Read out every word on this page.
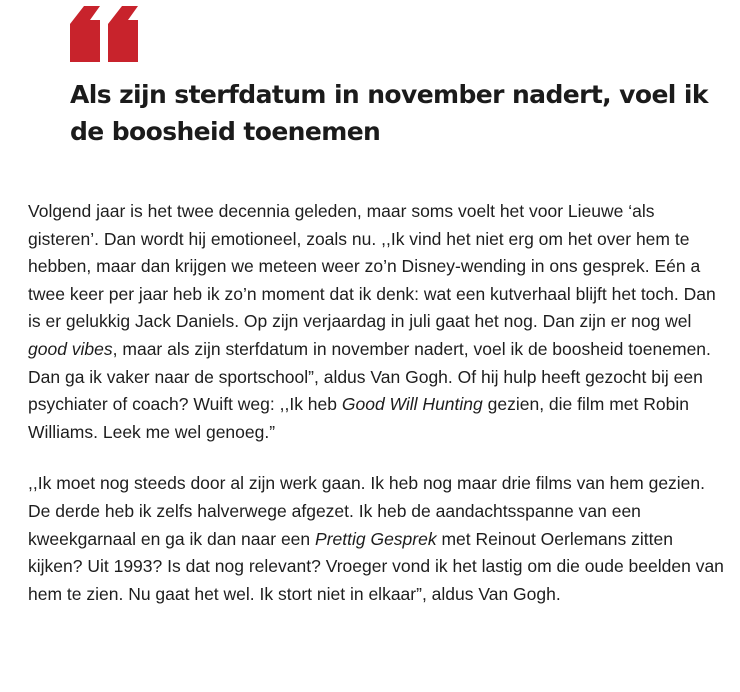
Als zijn sterfdatum in november nadert, voel ik de boosheid toenemen

Volgend jaar is het twee decennia geleden, maar soms voelt het voor Lieuwe ‘als gisteren’. Dan wordt hij emotioneel, zoals nu. ,,Ik vind het niet erg om het over hem te hebben, maar dan krijgen we meteen weer zo’n Disney-wending in ons gesprek. Eén a twee keer per jaar heb ik zo’n moment dat ik denk: wat een kutverhaal blijft het toch. Dan is er gelukkig Jack Daniels. Op zijn verjaardag in juli gaat het nog. Dan zijn er nog wel good vibes, maar als zijn sterfdatum in november nadert, voel ik de boosheid toenemen. Dan ga ik vaker naar de sportschool”, aldus Van Gogh. Of hij hulp heeft gezocht bij een psychiater of coach? Wuift weg: ,,Ik heb Good Will Hunting gezien, die film met Robin Williams. Leek me wel genoeg.”

,,Ik moet nog steeds door al zijn werk gaan. Ik heb nog maar drie films van hem gezien. De derde heb ik zelfs halverwege afgezet. Ik heb de aandachtsspanne van een kweekgarnaal en ga ik dan naar een Prettig Gesprek met Reinout Oerlemans zitten kijken? Uit 1993? Is dat nog relevant? Vroeger vond ik het lastig om die oude beelden van hem te zien. Nu gaat het wel. Ik stort niet in elkaar”, aldus Van Gogh.
